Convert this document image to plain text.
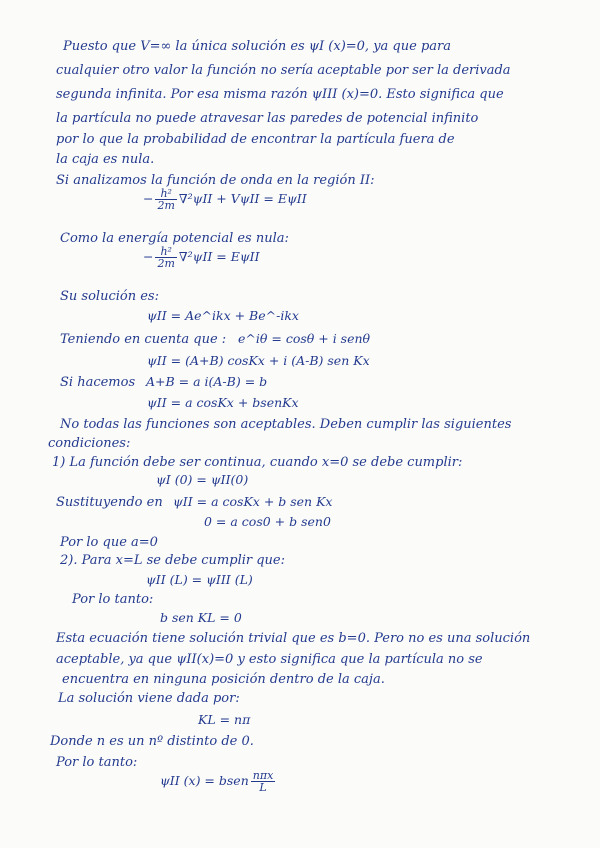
Puesto que V=∞ la única solución es ψI (x)=0, ya que para
cualquier otro valor la función no sería aceptable por ser la derivada
segunda infinita. Por esa misma razón ψIII (x)=0. Esto significa que
la partícula no puede atravesar las paredes de potencial infinito
por lo que la probabilidad de encontrar la partícula fuera de
la caja es nula.
Si analizamos la función de onda en la región II:
− $\frac{\text{h²}}{2m} \nabla^2\psi II + V\psi II = E\psi II$
Como la energía potencial es nula:
− $\frac{\text{h²}}{2m} \nabla^2\psi II = E\psi II$
Su solución es:
ψII = Ae^ikx + Be^-ikx
Teniendo en cuenta que : e^iθ = cosθ + i senθ
ψII = (A+B) cosKx + i (A-B) sen Kx
Si hacemos A+B = a i(A-B) = b
ψII = a cosKx + bsenKx
No todas las funciones son aceptables. Deben cumplir las siguientes
condiciones:
1) La función debe ser continua, cuando x=0 se debe cumplir:
ψI (0) = ψII(0)
Sustituyendo en ψII = a cosKx + b sen Kx
0 = a cos0 + b sen0
Por lo que a=0
2). Para x=L se debe cumplir que:
ψII (L) = ψIII (L)
Por lo tanto:
b sen KL = 0
Esta ecuación tiene solución trivial que es b=0. Pero no es una solución
aceptable, ya que ψII(x)=0 y esto significa que la partícula no se
encuentra en ninguna posición dentro de la caja.
La solución viene dada por:
KL = nπ
Donde n es un nº distinto de 0.
Por lo tanto:
ψII (x) = bsen $\frac{\text{nπx}}{L}$
